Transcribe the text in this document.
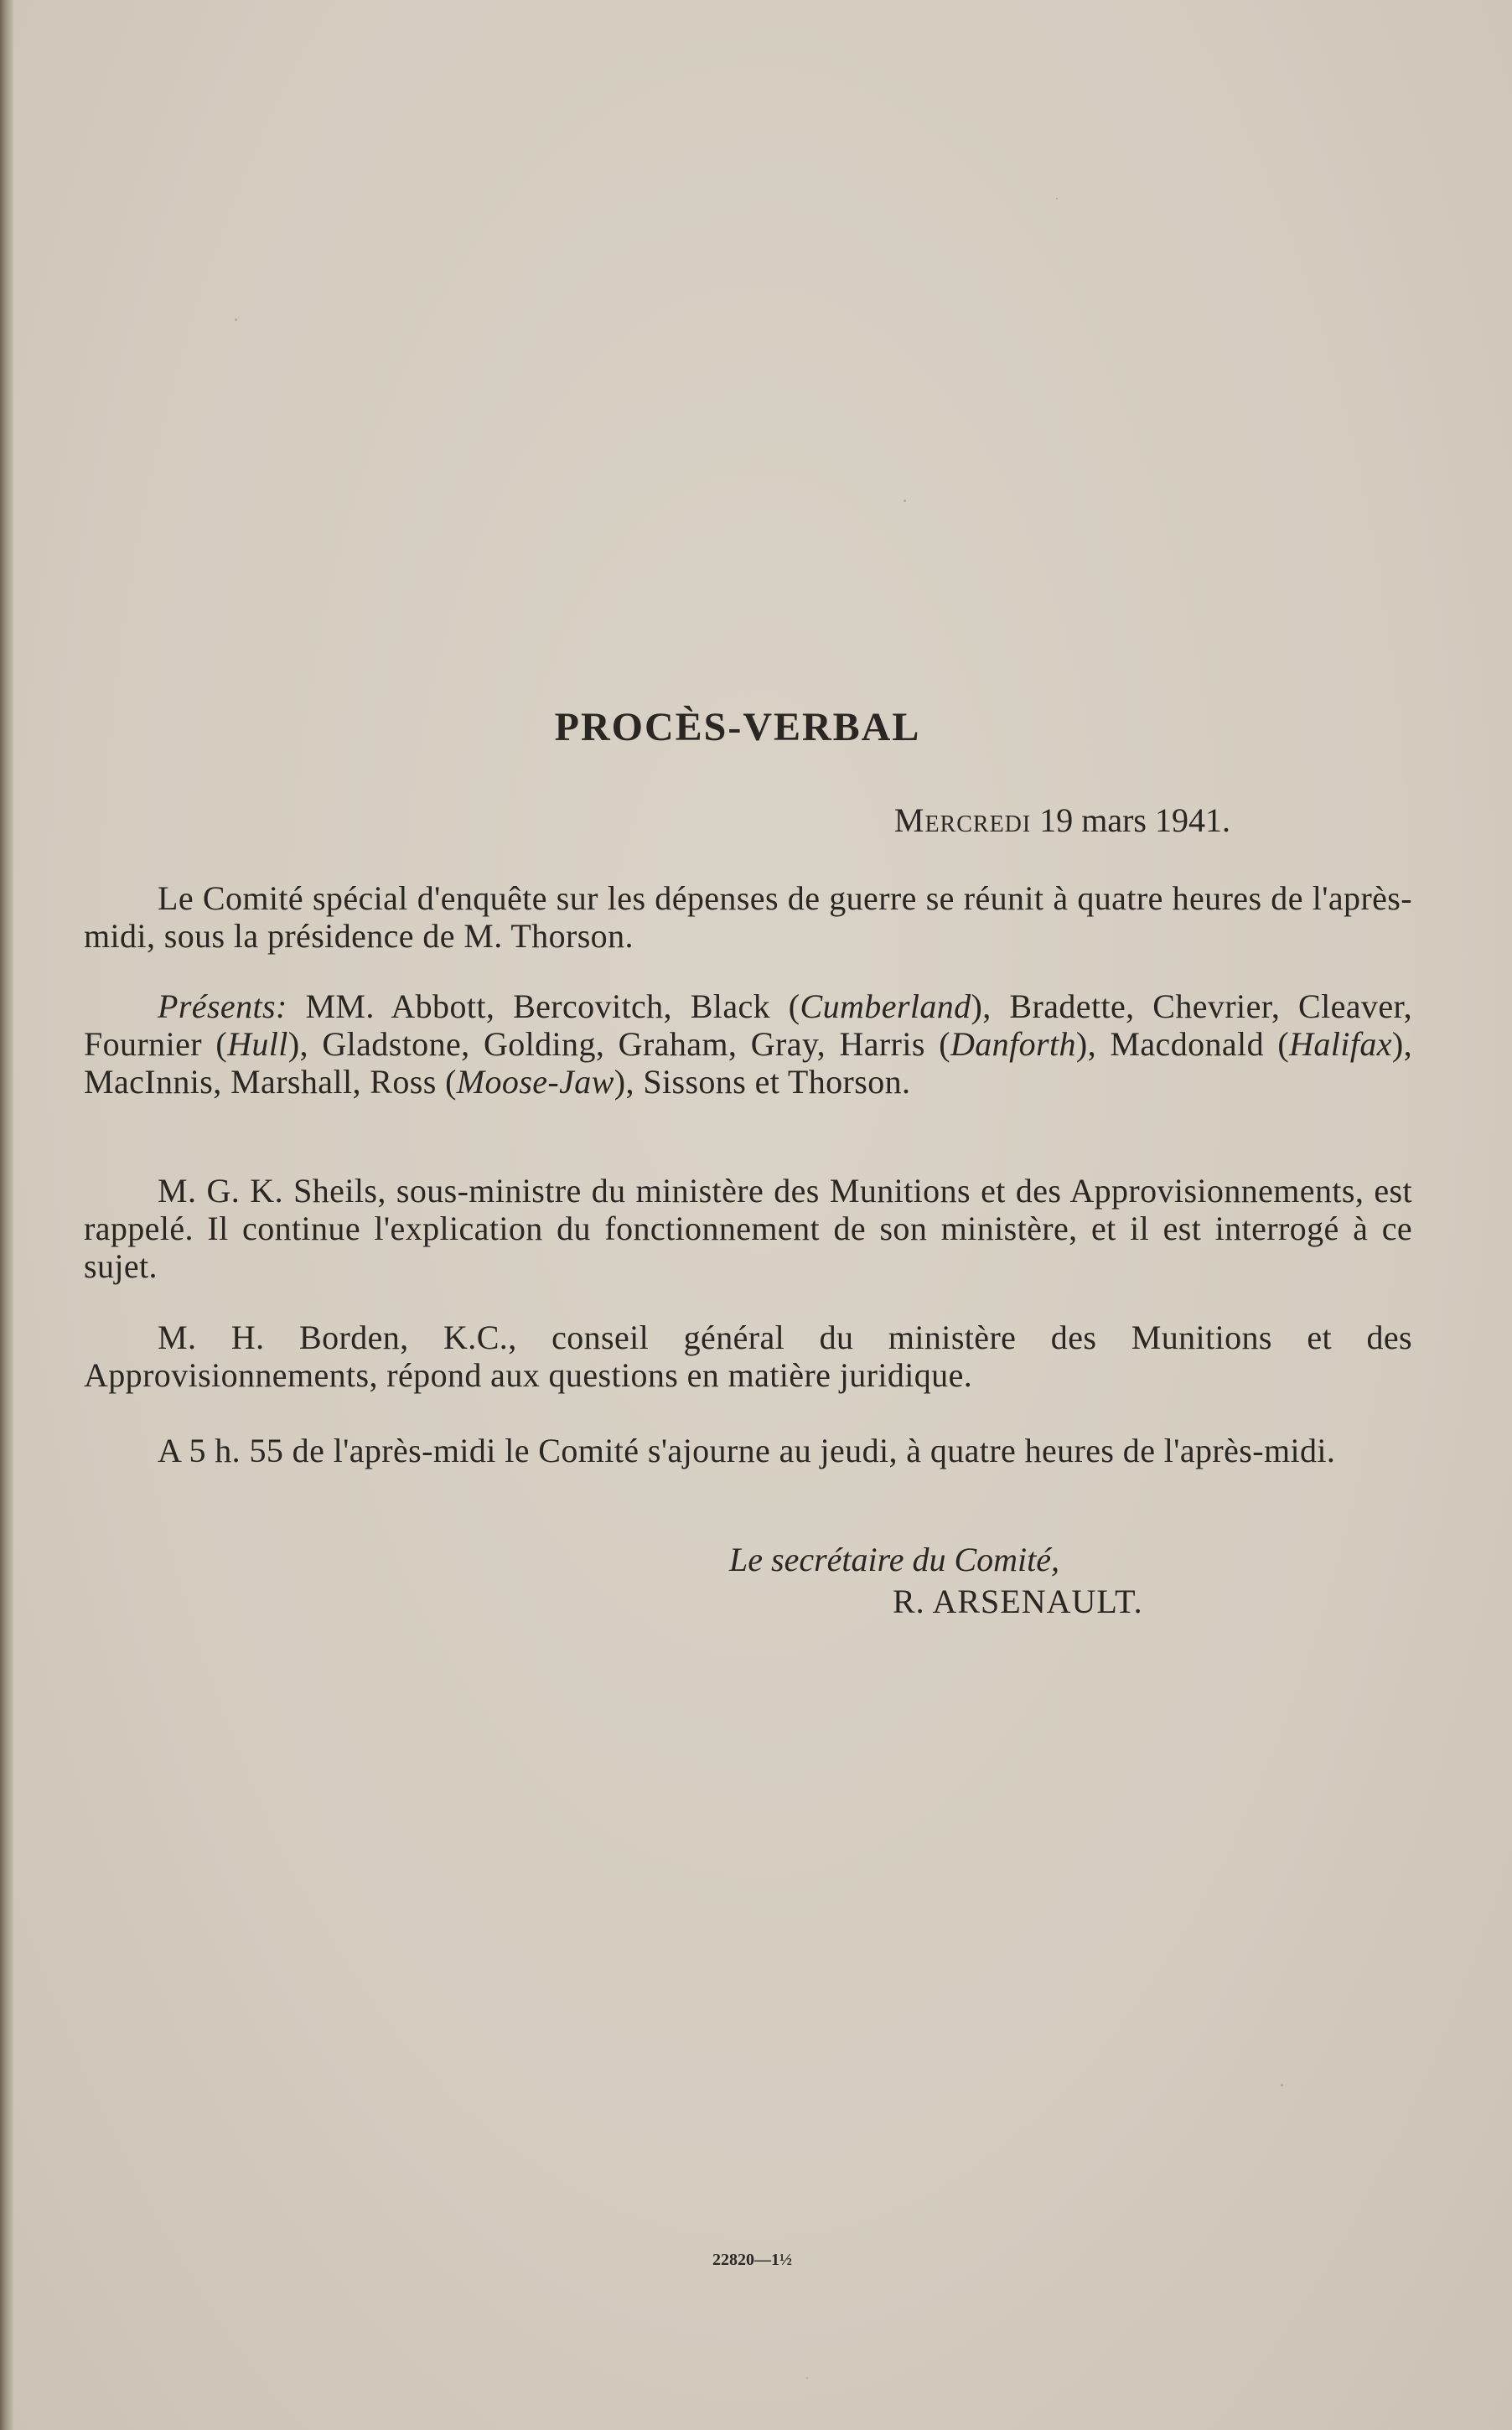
PROCÈS-VERBAL

Mercredi 19 mars 1941.

Le Comité spécial d'enquête sur les dépenses de guerre se réunit à quatre heures de l'après-midi, sous la présidence de M. Thorson.

Présents: MM. Abbott, Bercovitch, Black (Cumberland), Bradette, Chevrier, Cleaver, Fournier (Hull), Gladstone, Golding, Graham, Gray, Harris (Danforth), Macdonald (Halifax), MacInnis, Marshall, Ross (Moose-Jaw), Sissons et Thorson.

M. G. K. Sheils, sous-ministre du ministère des Munitions et des Approvisionnements, est rappelé. Il continue l'explication du fonctionnement de son ministère, et il est interrogé à ce sujet.

M. H. Borden, K.C., conseil général du ministère des Munitions et des Approvisionnements, répond aux questions en matière juridique.

A 5 h. 55 de l'après-midi le Comité s'ajourne au jeudi, à quatre heures de l'après-midi.

Le secrétaire du Comité,
R. ARSENAULT.
22820—1½
